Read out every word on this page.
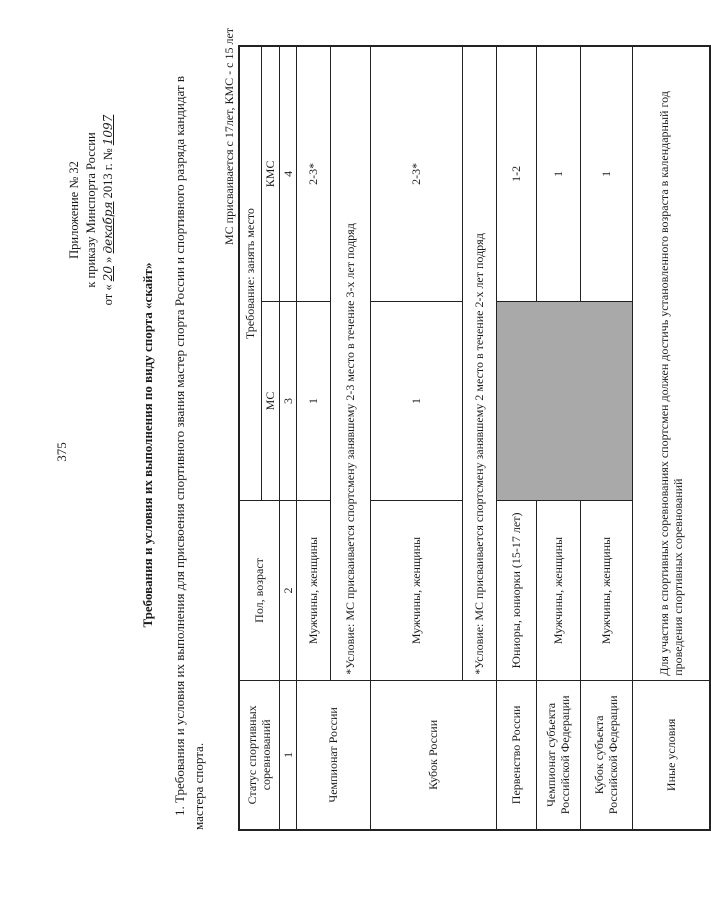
375
Приложение № 32 к приказу Минспорта России
от « 20 » декабря 2013 г. № 1097
Требования и условия их выполнения по виду спорта «скайт» 1. Требования и условия их выполнения для присвоения спортивного звания мастер спорта России и спортивного разряда кандидат в мастера спорта.
МС присваивается с 17лет, КМС - с 15 лет
Статус спортивных соревнований	Пол, возраст	Требование: занять место	
		МС	КМС
1	2	3	4
Чемпионат России	Мужчины, женщины	1	2-3*
	*Условие: МС присваивается спортсмену занявшему 2-3 место в течение 3-х лет подряд		
Кубок России	Мужчины, женщины	1	2-3*
	*Условие: МС присваивается спортсмену занявшему 2 место в течение 2-х лет подряд		
Первенство России	Юниоры, юниорки (15-17 лет)		1-2
Чемпионат субъекта Российской Федерации	Мужчины, женщины		1
Кубок субъекта Российской Федерации	Мужчины, женщины		1
Иные условия	Для участия в спортивных соревнованиях спортсмен должен достичь установленного возраста в календарный год проведения спортивных соревнований		
